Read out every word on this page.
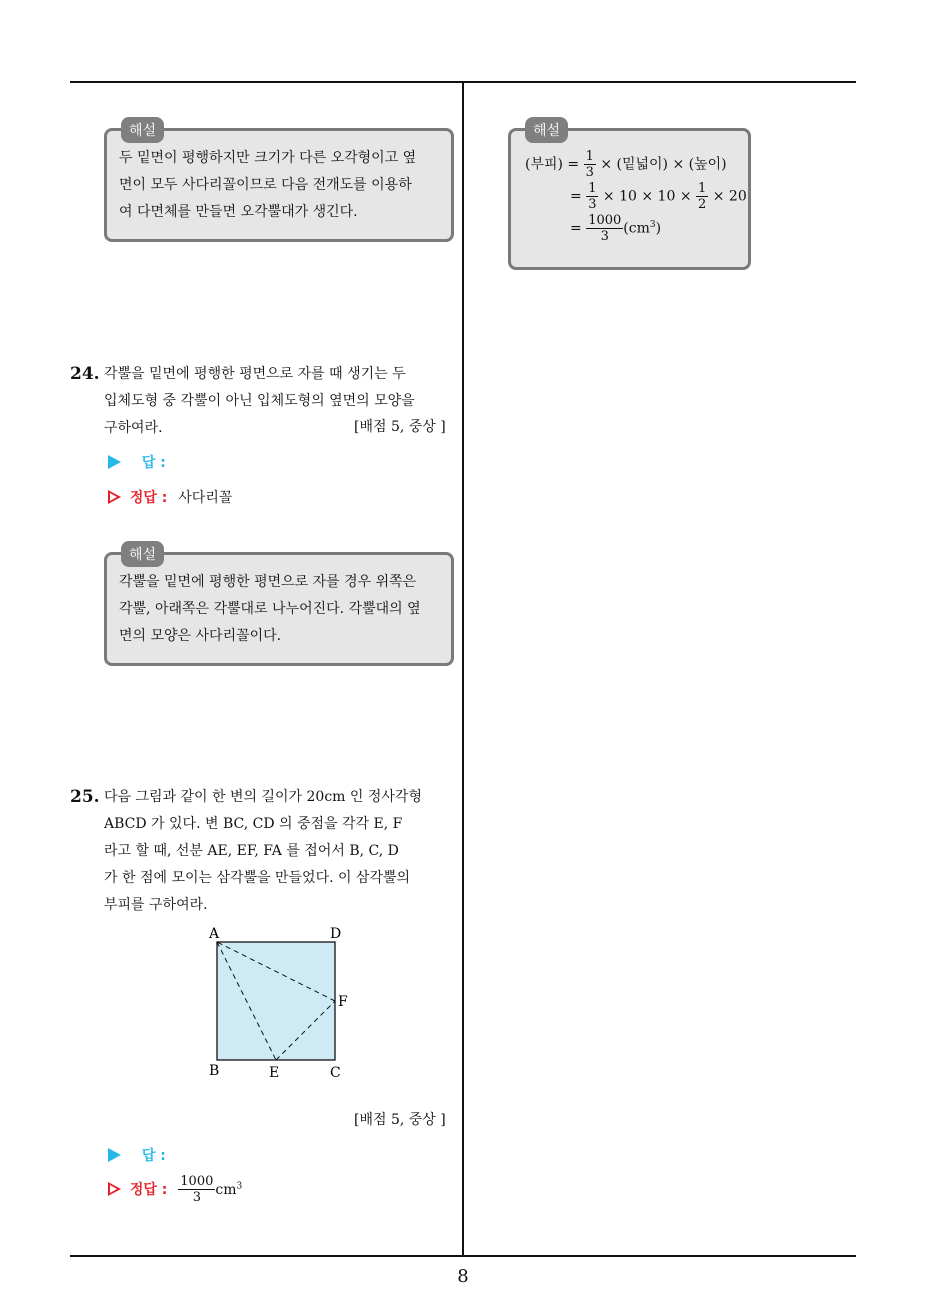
해설
두 밑면이 평행하지만 크기가 다른 오각형이고 옆
면이 모두 사다리꼴이므로 다음 전개도를 이용하
여 다면체를 만들면 오각뿔대가 생긴다.
24. 각뿔을 밑면에 평행한 평면으로 자를 때 생기는 두
입체도형 중 각뿔이 아닌 입체도형의 옆면의 모양을
구하여라.	[배점 5, 중상 ]
답 :
정답 : 사다리꼴
해설
각뿔을 밑면에 평행한 평면으로 자를 경우 위쪽은
각뿔, 아래쪽은 각뿔대로 나누어진다. 각뿔대의 옆
면의 모양은 사다리꼴이다.
25. 다음 그림과 같이 한 변의 길이가 20cm 인 정사각형
ABCD 가 있다. 변 BC, CD 의 중점을 각각 E, F
라고 할 때, 선분 AE, EF, FA 를 접어서 B, C, D
가 한 점에 모이는 삼각뿔을 만들었다. 이 삼각뿔의
부피를 구하여라.
A	D
F
B	E	C
[배점 5, 중상 ]
답 :
정답 : $\frac{1000}{3} cm^3$
해설
(부피) = $\frac{1}{3}$ × (밑넓이) × (높이)
= $\frac{1}{3} \times 10 \times 10 \times \frac{1}{2} \times 20$
= $\frac{1000}{3} (cm^3)$
8
